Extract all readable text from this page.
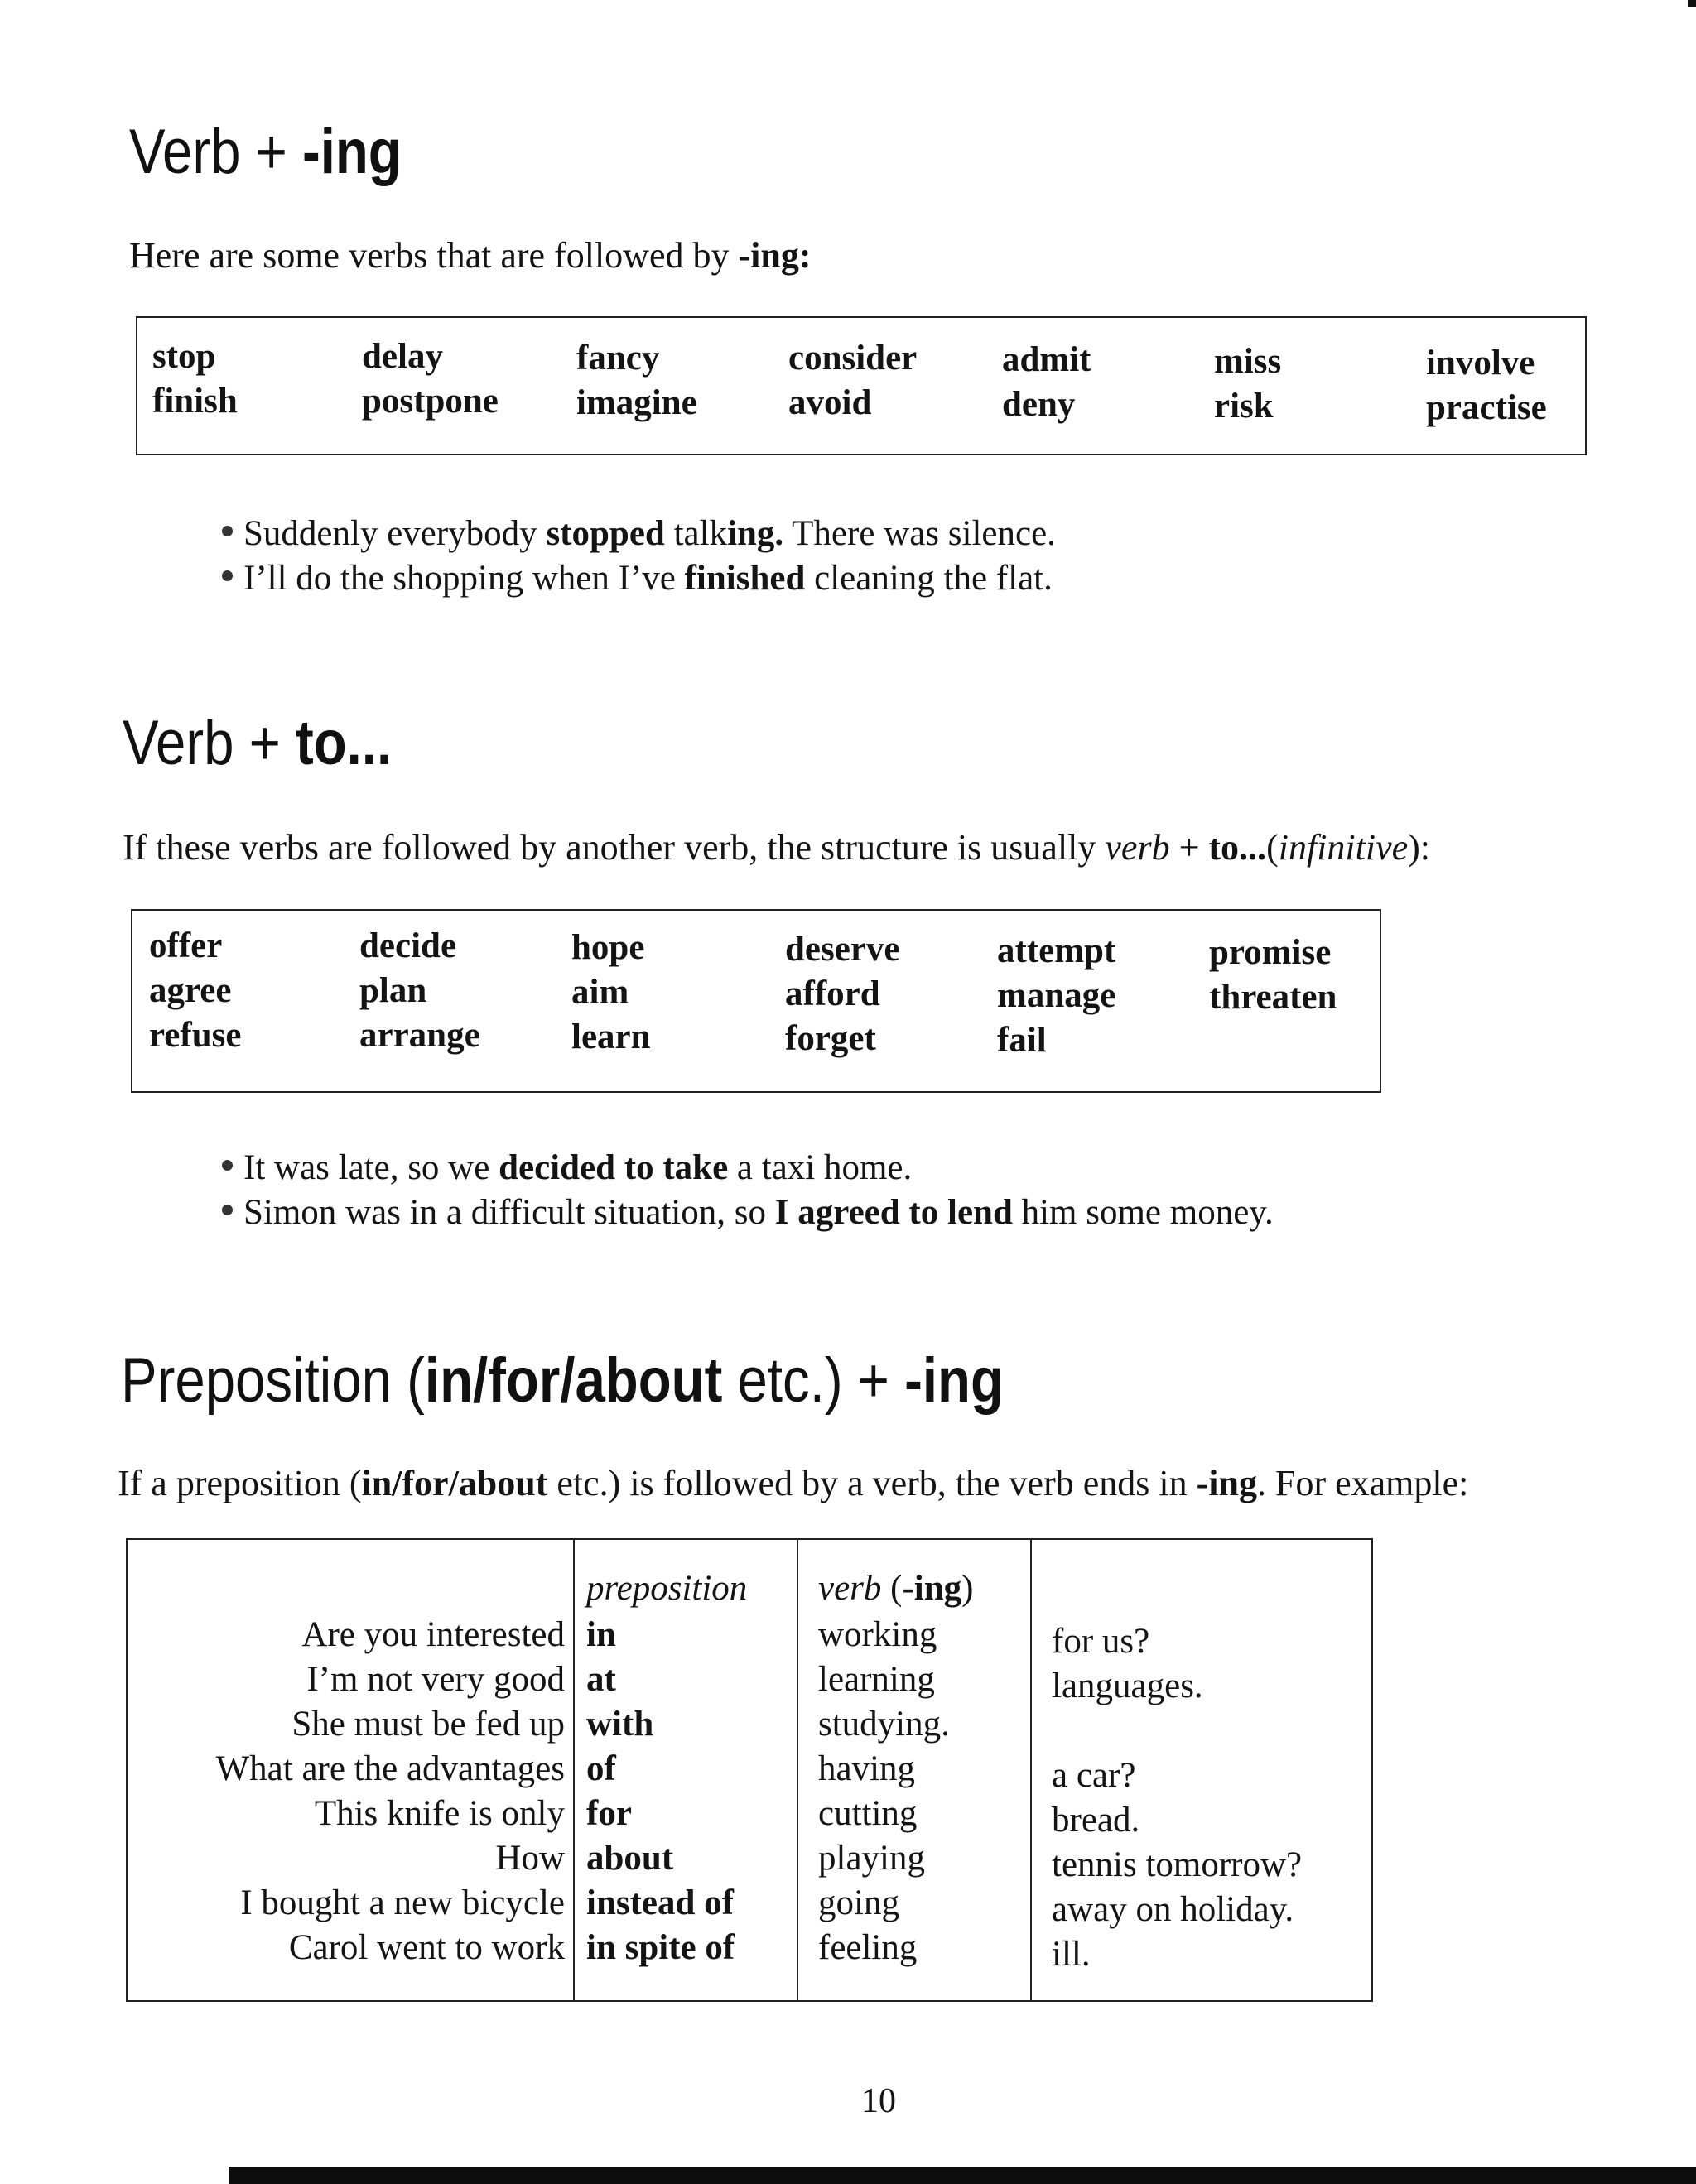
Verb + -ing

Here are some verbs that are followed by -ing:

stop
finish
delay
postpone
fancy
imagine
consider
avoid
admit
deny
miss
risk
involve
practise
Suddenly everybody stopped talking. There was silence.
I’ll do the shopping when I’ve finished cleaning the flat.
Verb + to...

If these verbs are followed by another verb, the structure is usually verb + to...(infinitive):

offer
agree
refuse
decide
plan
arrange
hope
aim
learn
deserve
afford
forget
attempt
manage
fail
promise
threaten
It was late, so we decided to take a taxi home.
Simon was in a difficult situation, so I agreed to lend him some money.
Preposition (in/for/about etc.) + -ing

If a preposition (in/for/about etc.) is followed by a verb, the verb ends in -ing. For example:

Are you interested
I’m not very good
She must be fed up
What are the advantages
This knife is only
How
I bought a new bicycle
Carol went to work
preposition
in
at
with
of
for
about
instead of
in spite of
verb (-ing)
working
learning
studying.
having
cutting
playing
going
feeling
for us?
languages.
a car?
bread.
tennis tomorrow?
away on holiday.
ill.
10
